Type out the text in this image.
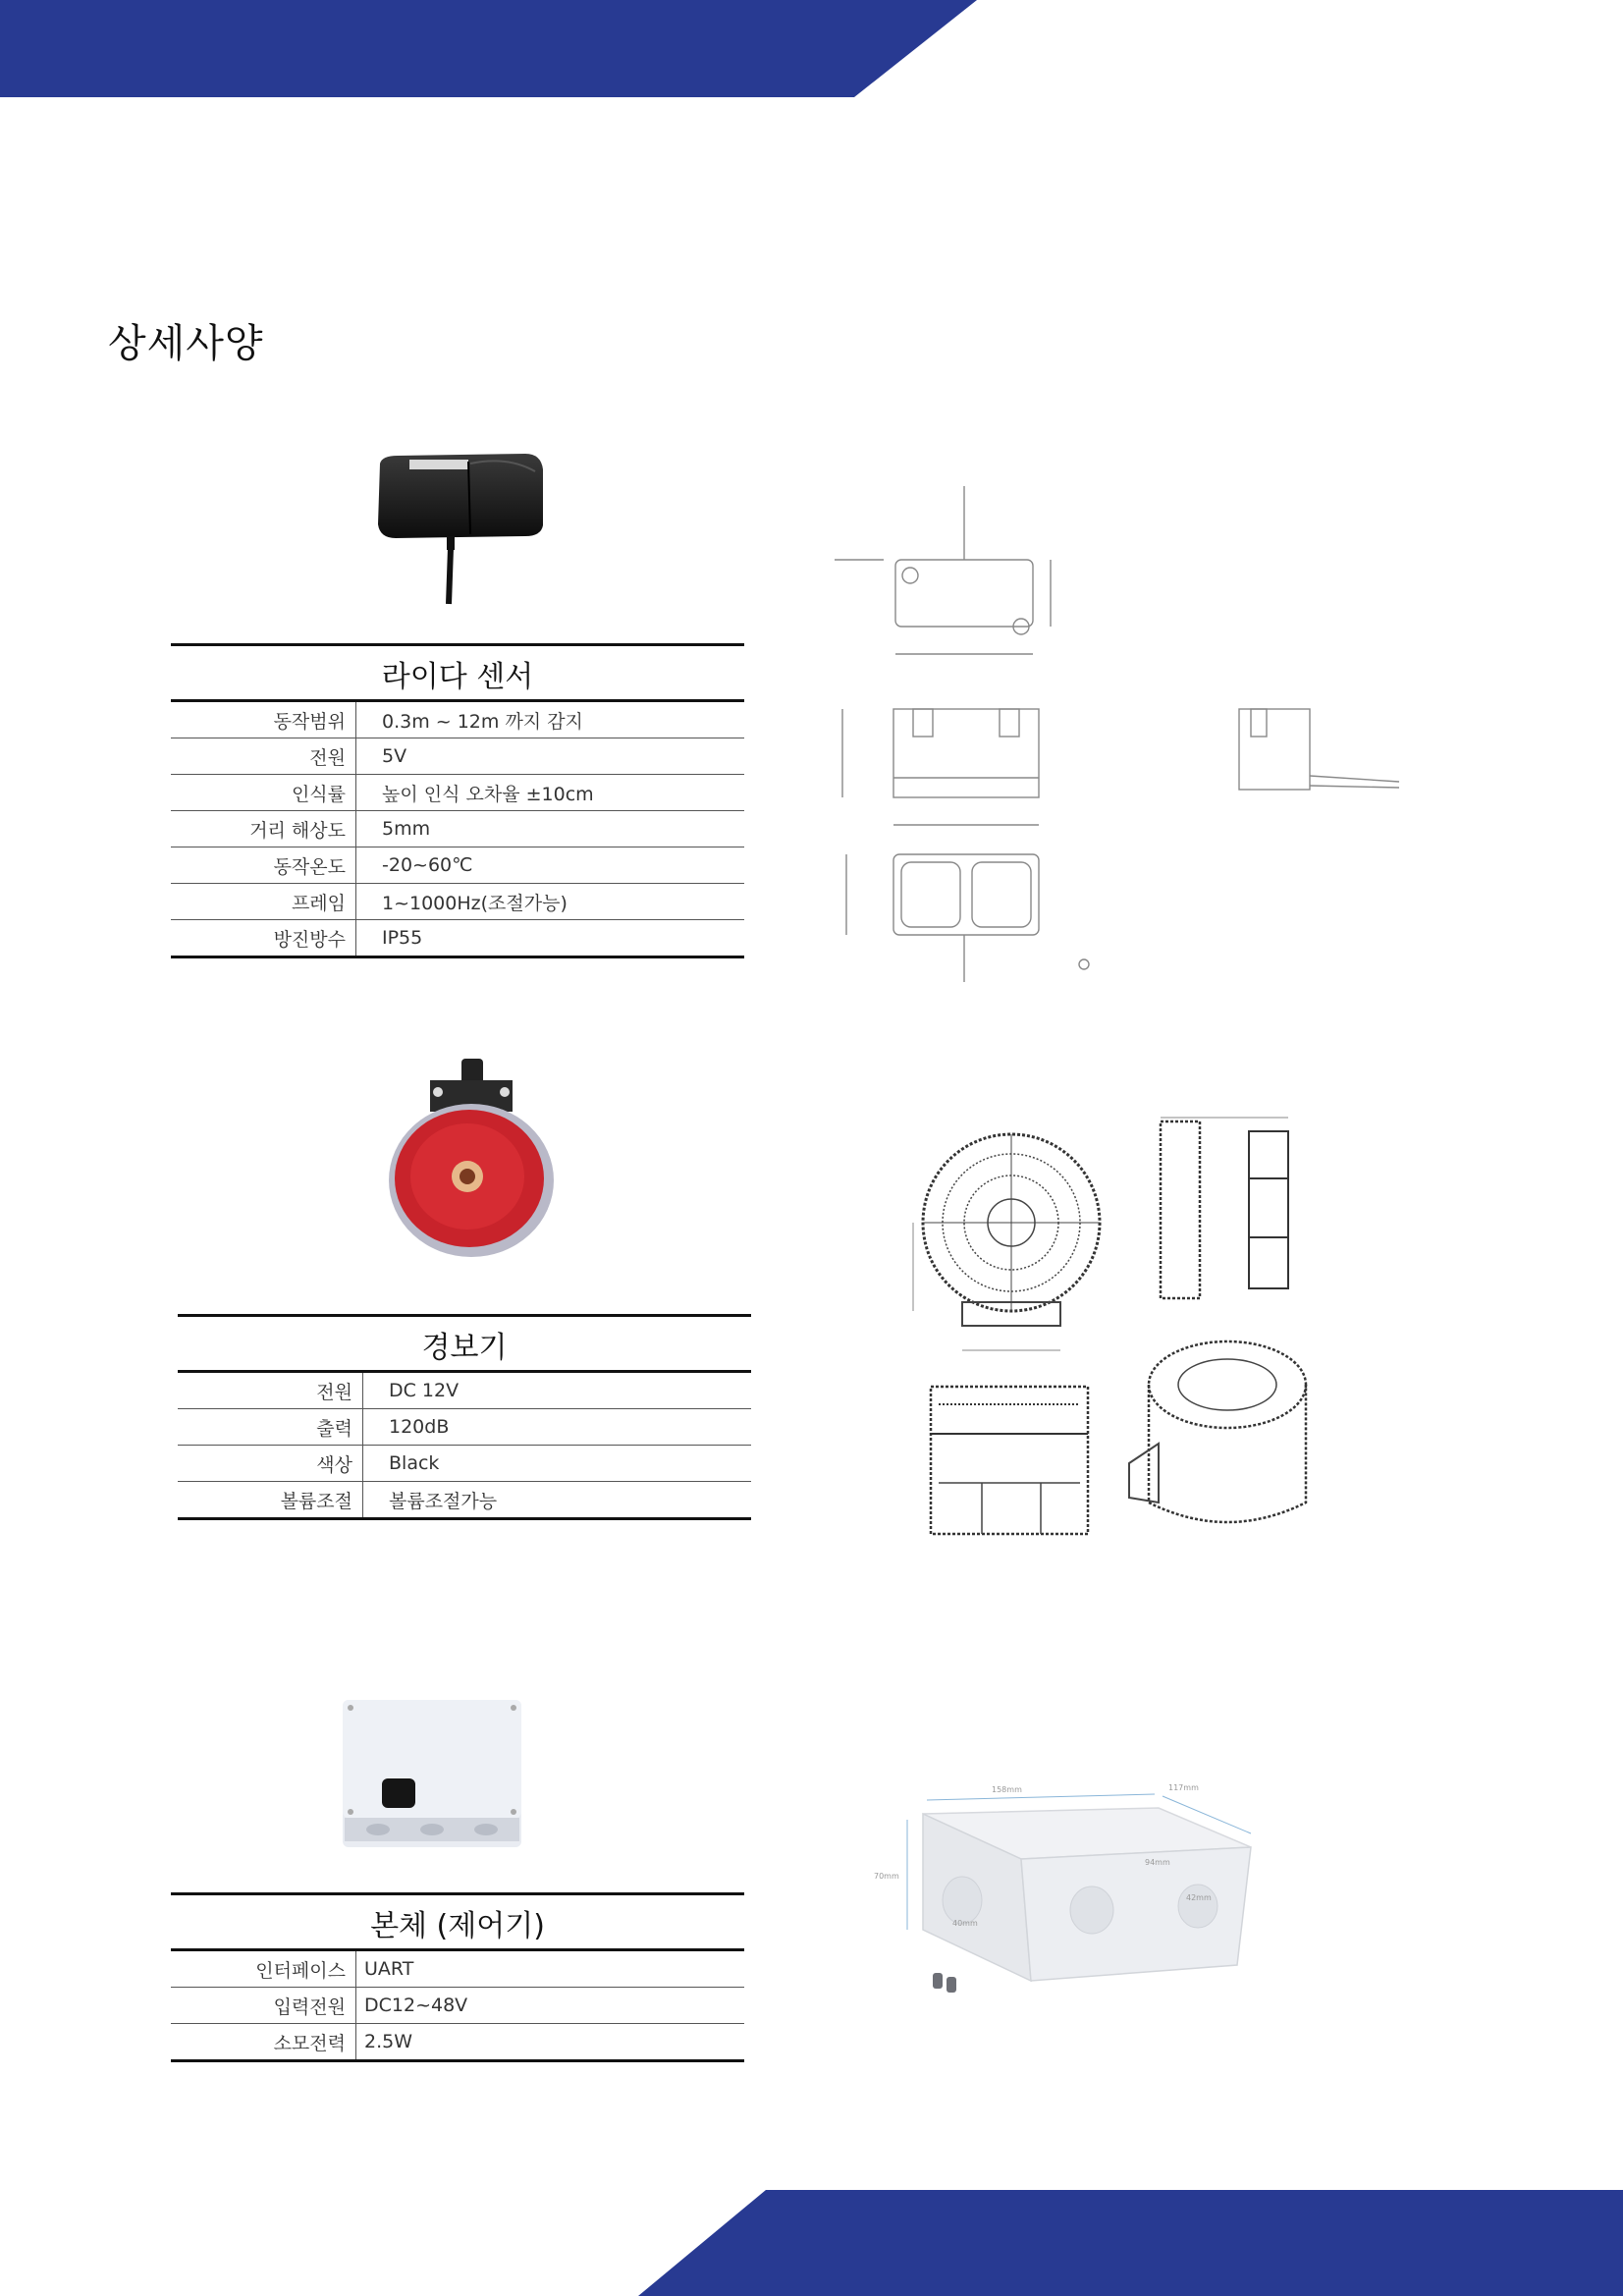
상세사양
라이다 센서
동작범위	0.3m ~ 12m 까지 감지
전원	5V
인식률	높이 인식 오차율 ±10cm
거리 해상도	5mm
동작온도	-20~60℃
프레임	1~1000Hz(조절가능)
방진방수	IP55
경보기
전원	DC 12V
출력	120dB
색상	Black
볼륨조절	볼륨조절가능
본체 (제어기)
인터페이스	UART
입력전원	DC12~48V
소모전력	2.5W
158mm	117mm
70mm
94mm
40mm
42mm
